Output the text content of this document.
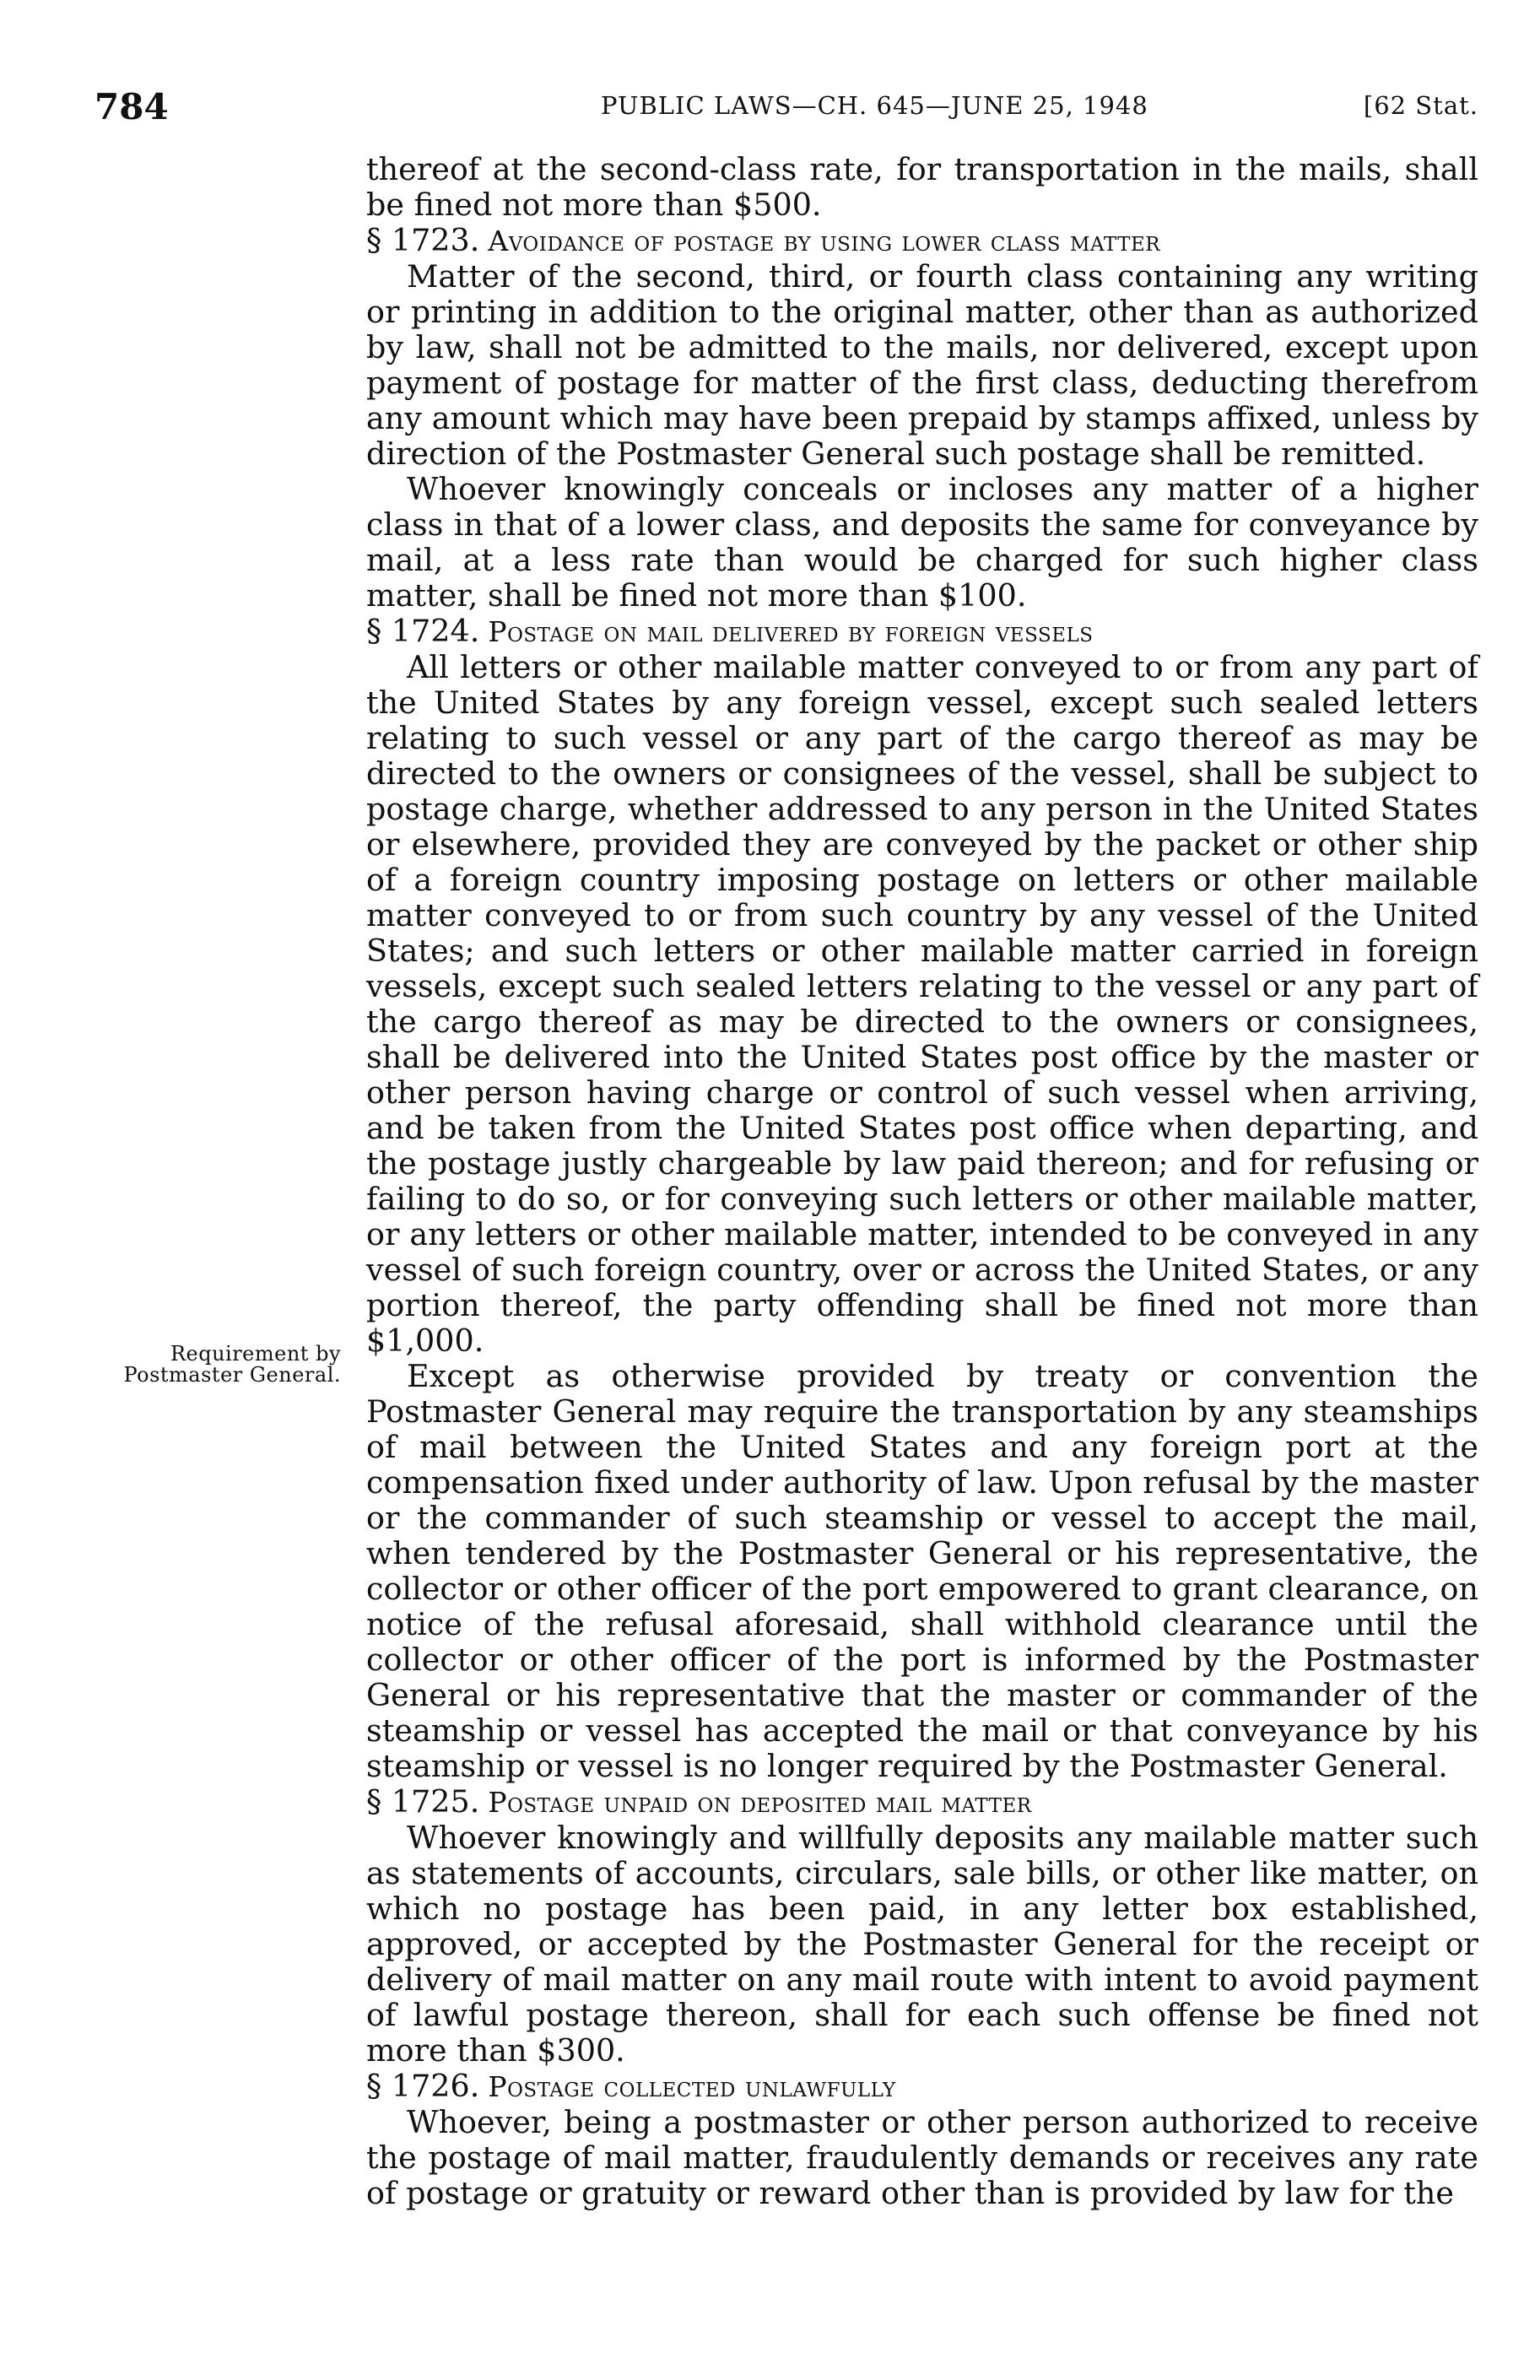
784	PUBLIC LAWS—CH. 645—JUNE 25, 1948	[62 Stat.
Requirement by Postmaster General.

thereof at the second-class rate, for transportation in the mails, shall be fined not more than $500.

§ 1723. Avoidance of postage by using lower class matter

Matter of the second, third, or fourth class containing any writing or printing in addition to the original matter, other than as authorized by law, shall not be admitted to the mails, nor delivered, except upon payment of postage for matter of the first class, deducting therefrom any amount which may have been prepaid by stamps affixed, unless by direction of the Postmaster General such postage shall be remitted.

Whoever knowingly conceals or incloses any matter of a higher class in that of a lower class, and deposits the same for conveyance by mail, at a less rate than would be charged for such higher class matter, shall be fined not more than $100.

§ 1724. Postage on mail delivered by foreign vessels

All letters or other mailable matter conveyed to or from any part of the United States by any foreign vessel, except such sealed letters relating to such vessel or any part of the cargo thereof as may be directed to the owners or consignees of the vessel, shall be subject to postage charge, whether addressed to any person in the United States or elsewhere, provided they are conveyed by the packet or other ship of a foreign country imposing postage on letters or other mailable matter conveyed to or from such country by any vessel of the United States; and such letters or other mailable matter carried in foreign vessels, except such sealed letters relating to the vessel or any part of the cargo thereof as may be directed to the owners or consignees, shall be delivered into the United States post office by the master or other person having charge or control of such vessel when arriving, and be taken from the United States post office when departing, and the postage justly chargeable by law paid thereon; and for refusing or failing to do so, or for conveying such letters or other mailable matter, or any letters or other mailable matter, intended to be conveyed in any vessel of such foreign country, over or across the United States, or any portion thereof, the party offending shall be fined not more than $1,000.

Except as otherwise provided by treaty or convention the Postmaster General may require the transportation by any steamships of mail between the United States and any foreign port at the compensation fixed under authority of law. Upon refusal by the master or the commander of such steamship or vessel to accept the mail, when tendered by the Postmaster General or his representative, the collector or other officer of the port empowered to grant clearance, on notice of the refusal aforesaid, shall withhold clearance until the collector or other officer of the port is informed by the Postmaster General or his representative that the master or commander of the steamship or vessel has accepted the mail or that conveyance by his steamship or vessel is no longer required by the Postmaster General.

§ 1725. Postage unpaid on deposited mail matter

Whoever knowingly and willfully deposits any mailable matter such as statements of accounts, circulars, sale bills, or other like matter, on which no postage has been paid, in any letter box established, approved, or accepted by the Postmaster General for the receipt or delivery of mail matter on any mail route with intent to avoid payment of lawful postage thereon, shall for each such offense be fined not more than $300.

§ 1726. Postage collected unlawfully

Whoever, being a postmaster or other person authorized to receive the postage of mail matter, fraudulently demands or receives any rate of postage or gratuity or reward other than is provided by law for the
